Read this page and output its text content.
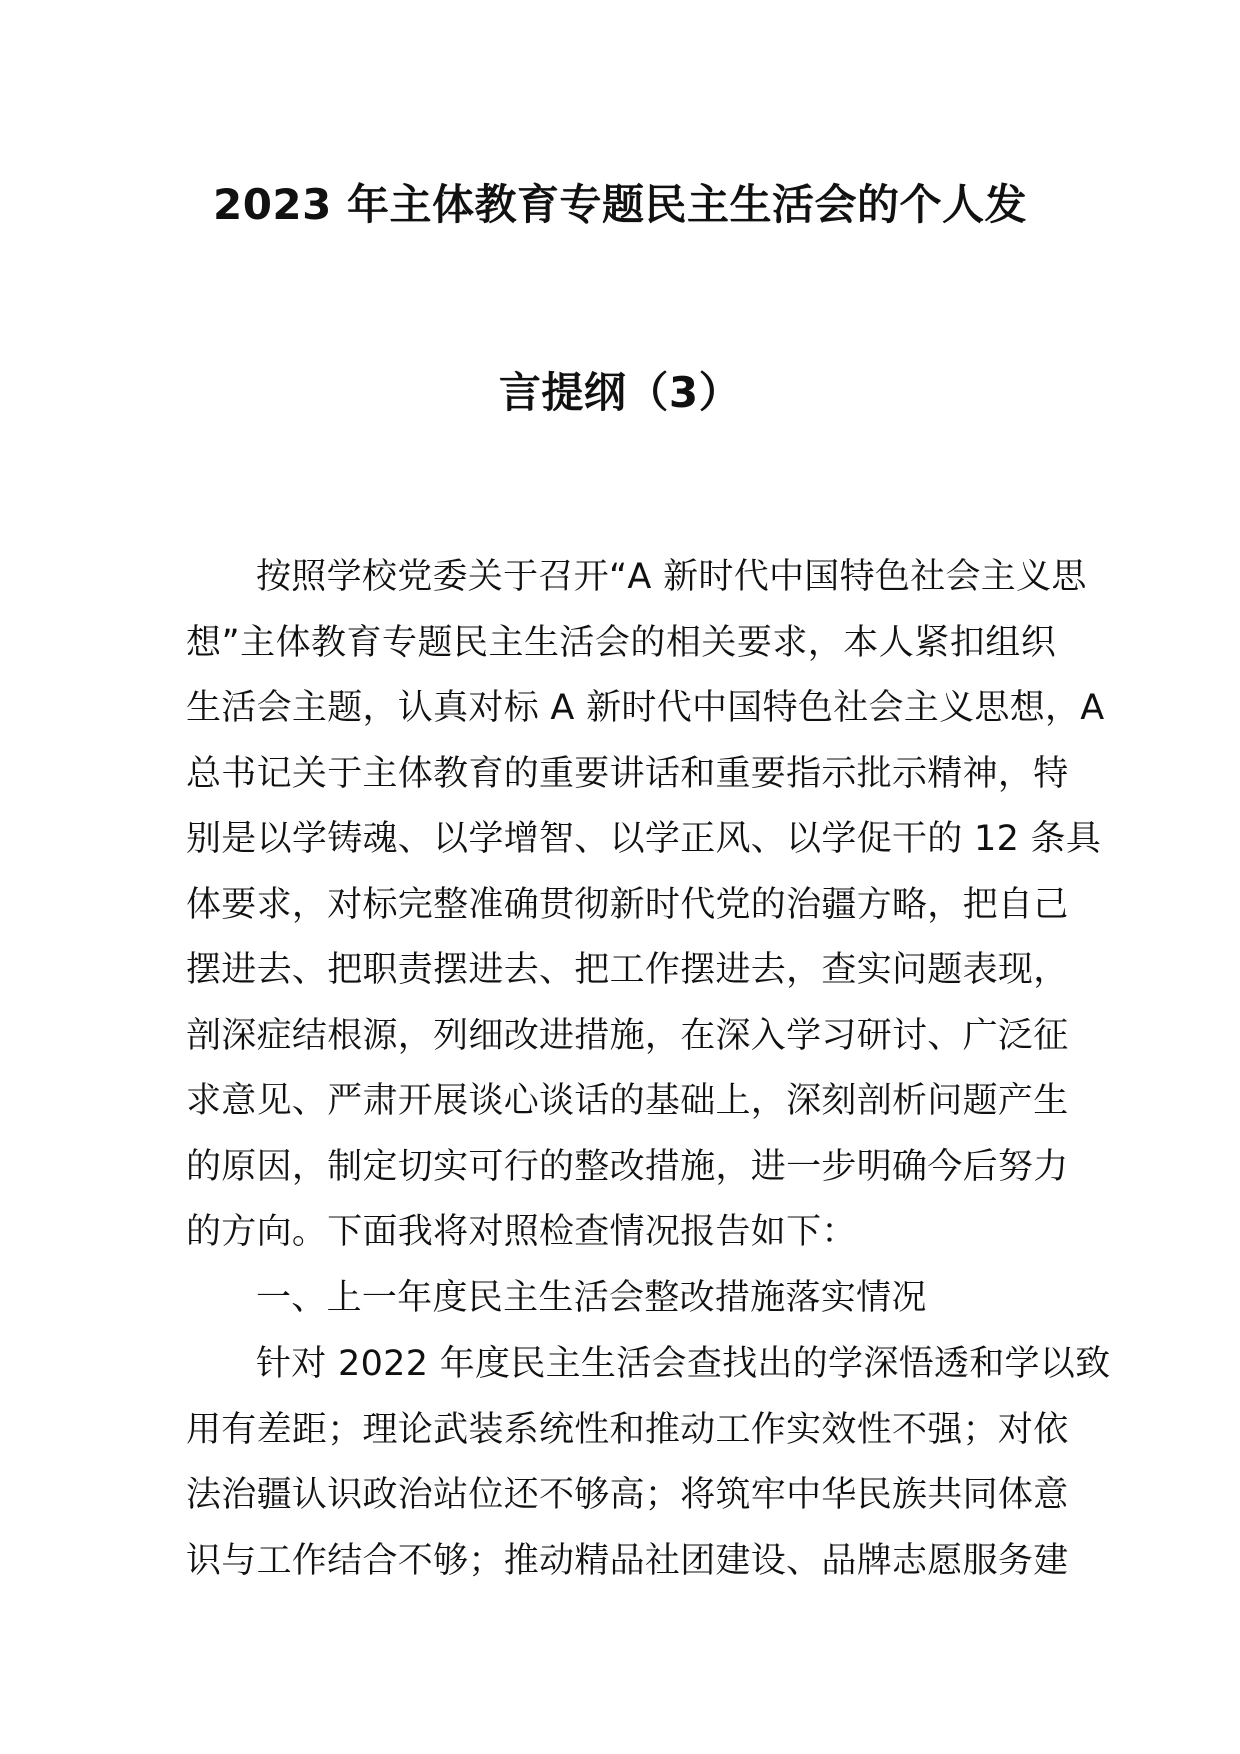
2023 年主体教育专题民主生活会的个人发
言提纲（3）
按照学校党委关于召开“A 新时代中国特色社会主义思
想”主体教育专题民主生活会的相关要求，本人紧扣组织
生活会主题，认真对标 A 新时代中国特色社会主义思想，A
总书记关于主体教育的重要讲话和重要指示批示精神，特
别是以学铸魂、以学增智、以学正风、以学促干的 12 条具
体要求，对标完整准确贯彻新时代党的治疆方略，把自己
摆进去、把职责摆进去、把工作摆进去，查实问题表现，
剖深症结根源，列细改进措施，在深入学习研讨、广泛征
求意见、严肃开展谈心谈话的基础上，深刻剖析问题产生
的原因，制定切实可行的整改措施，进一步明确今后努力
的方向。下面我将对照检查情况报告如下：
一、上一年度民主生活会整改措施落实情况
针对 2022 年度民主生活会查找出的学深悟透和学以致
用有差距；理论武装系统性和推动工作实效性不强；对依
法治疆认识政治站位还不够高；将筑牢中华民族共同体意
识与工作结合不够；推动精品社团建设、品牌志愿服务建
